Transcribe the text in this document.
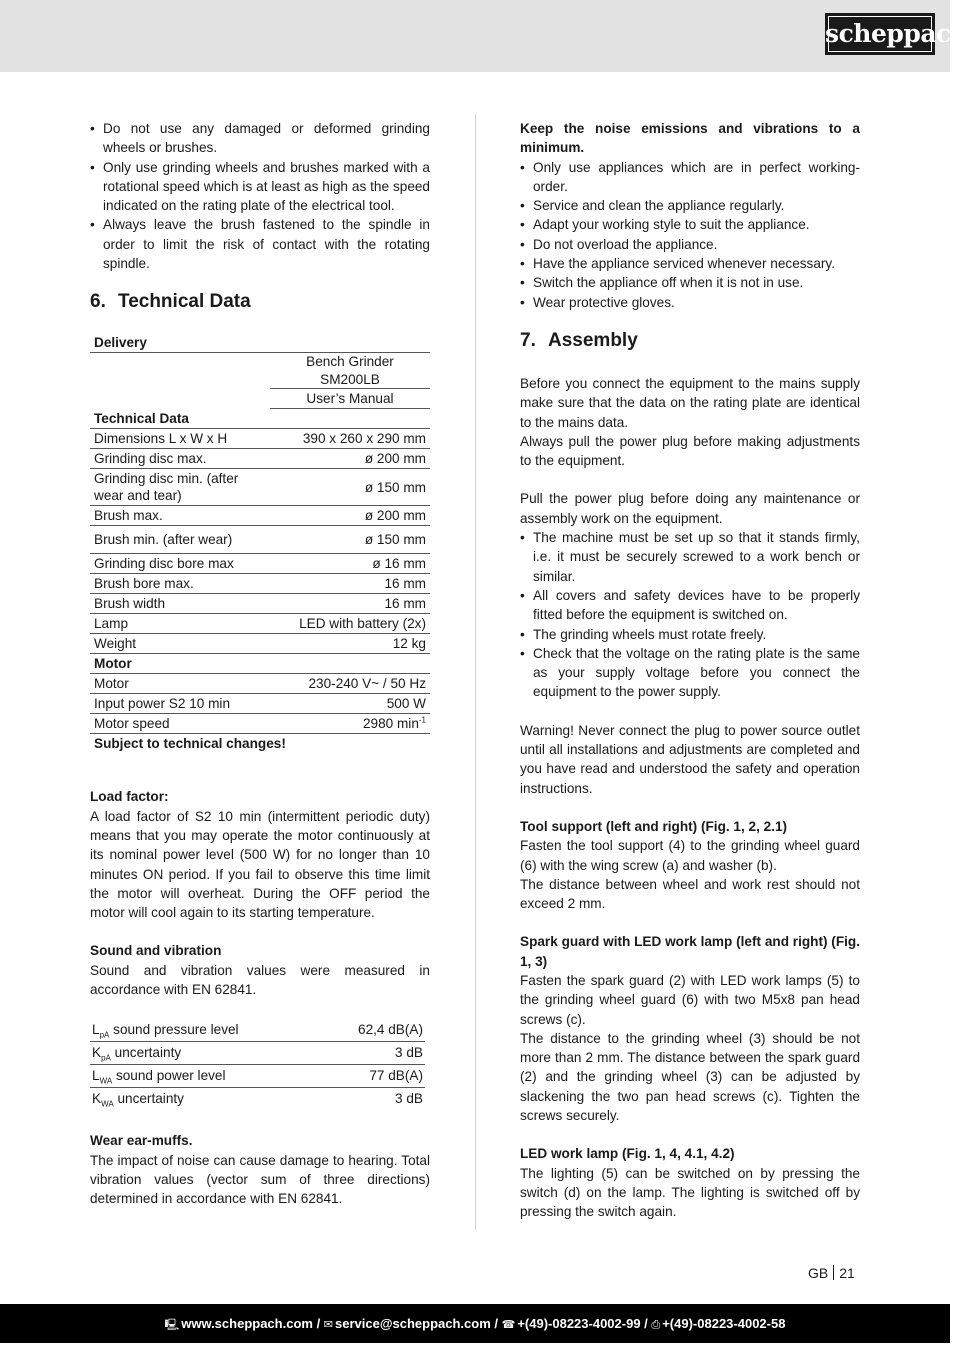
scheppach
• Do not use any damaged or deformed grinding wheels or brushes.
• Only use grinding wheels and brushes marked with a rotational speed which is at least as high as the speed indicated on the rating plate of the electrical tool.
• Always leave the brush fastened to the spindle in order to limit the risk of contact with the rotating spindle.
6. Technical Data
Delivery	
	Bench Grinder SM200LB
	User’s Manual
Technical Data	
Dimensions L x W x H	390 x 260 x 290 mm
Grinding disc max.	ø 200 mm
Grinding disc min. (after wear and tear)	ø 150 mm
Brush max.	ø 200 mm
Brush min. (after wear)	ø 150 mm
Grinding disc bore max	ø 16 mm
Brush bore max.	16 mm
Brush width	16 mm
Lamp	LED with battery (2x)
Weight	12 kg
Motor	
Motor	230-240 V~ / 50 Hz
Input power S2 10 min	500 W
Motor speed	2980 $\min^{-1}$
Subject to technical changes!	

Load factor:

A load factor of S2 10 min (intermittent periodic duty) means that you may operate the motor continuously at its nominal power level (500 W) for no longer than 10 minutes ON period. If you fail to observe this time limit the motor will overheat. During the OFF period the motor will cool again to its starting temperature.

Sound and vibration

Sound and vibration values were measured in accordance with EN 62841.

$L_{pA}$ sound pressure level	62,4 dB(A)
$K_{pA}$ uncertainty	3 dB
$L_{WA}$ sound power level	77 dB(A)
$K_{WA}$ uncertainty	3 dB

Wear ear-muffs.

The impact of noise can cause damage to hearing. Total vibration values (vector sum of three directions) determined in accordance with EN 62841.

Keep the noise emissions and vibrations to a minimum.

• Only use appliances which are in perfect working-order.
• Service and clean the appliance regularly.
• Adapt your working style to suit the appliance.
• Do not overload the appliance.
• Have the appliance serviced whenever necessary.
• Switch the appliance off when it is not in use.
• Wear protective gloves.
7. Assembly

Before you connect the equipment to the mains supply make sure that the data on the rating plate are identical to the mains data.

Always pull the power plug before making adjustments to the equipment.

Pull the power plug before doing any maintenance or assembly work on the equipment.

• The machine must be set up so that it stands firmly, i.e. it must be securely screwed to a work bench or similar.
• All covers and safety devices have to be properly fitted before the equipment is switched on.
• The grinding wheels must rotate freely.
• Check that the voltage on the rating plate is the same as your supply voltage before you connect the equipment to the power supply.

Warning! Never connect the plug to power source outlet until all installations and adjustments are completed and you have read and understood the safety and operation instructions.

Tool support (left and right) (Fig. 1, 2, 2.1)

Fasten the tool support (4) to the grinding wheel guard (6) with the wing screw (a) and washer (b).

The distance between wheel and work rest should not exceed 2 mm.

Spark guard with LED work lamp (left and right) (Fig. 1, 3)

Fasten the spark guard (2) with LED work lamps (5) to the grinding wheel guard (6) with two M5x8 pan head screws (c).

The distance to the grinding wheel (3) should be not more than 2 mm. The distance between the spark guard (2) and the grinding wheel (3) can be adjusted by slackening the two pan head screws (c). Tighten the screws securely.

LED work lamp (Fig. 1, 4, 4.1, 4.2)

The lighting (5) can be switched on by pressing the switch (d) on the lamp. The lighting is switched off by pressing the switch again.

GB 21
🖳 www.scheppach.com / ✉ service@scheppach.com / ☎ +(49)-08223-4002-99 / ⎙ +(49)-08223-4002-58
